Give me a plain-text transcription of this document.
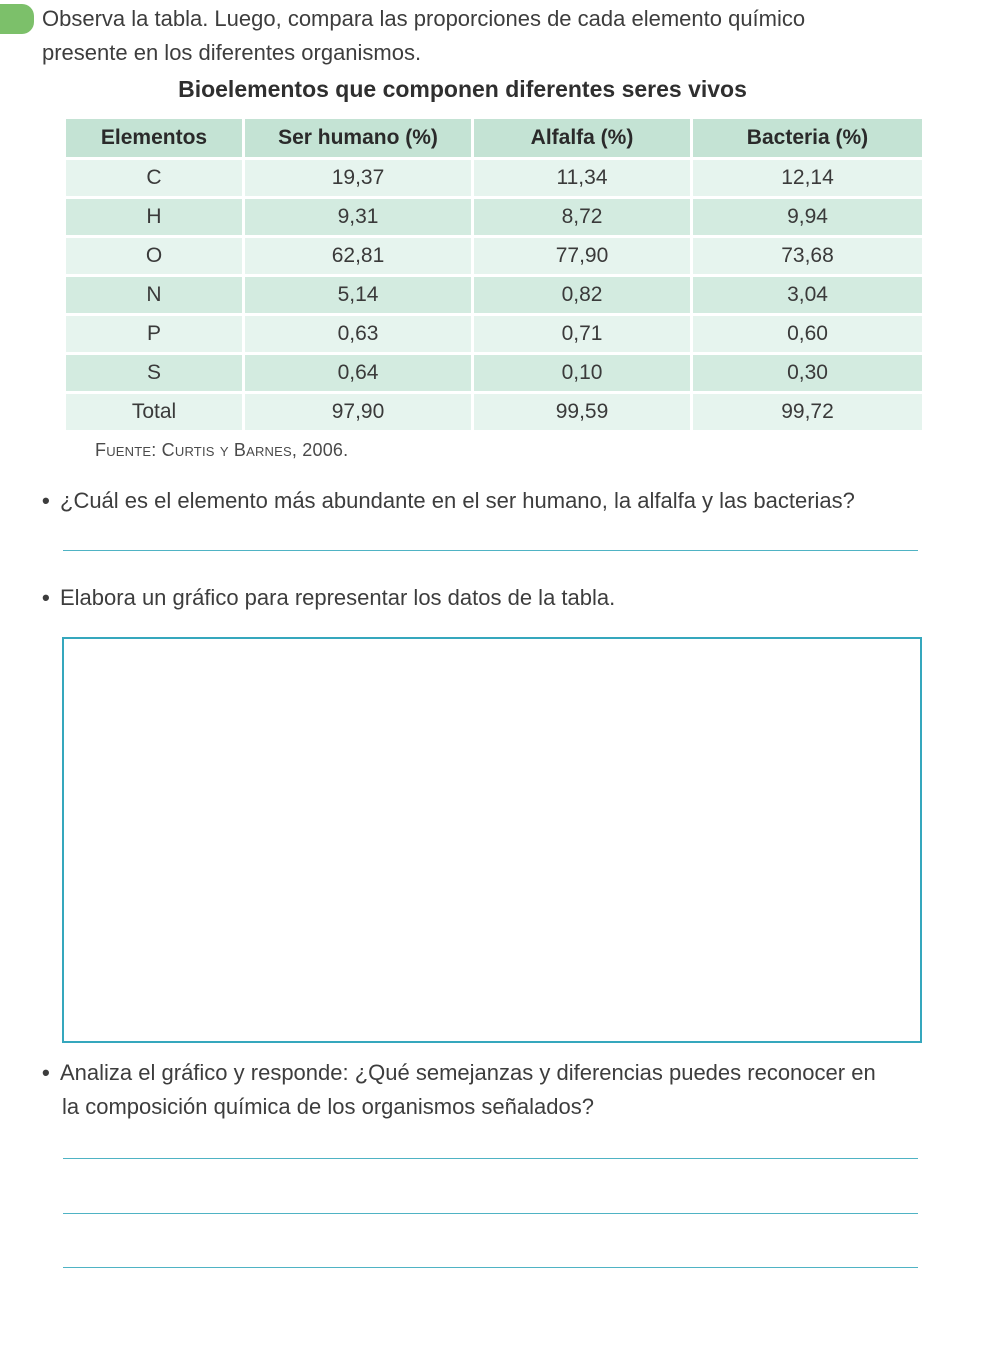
Observa la tabla. Luego, compara las proporciones de cada elemento químico
presente en los diferentes organismos.
Bioelementos que componen diferentes seres vivos
Elementos	Ser humano (%)	Alfalfa (%)	Bacteria (%)
C	19,37	11,34	12,14
H	9,31	8,72	9,94
O	62,81	77,90	73,68
N	5,14	0,82	3,04
P	0,63	0,71	0,60
S	0,64	0,10	0,30
Total	97,90	99,59	99,72
Fuente: Curtis y Barnes, 2006.
• ¿Cuál es el elemento más abundante en el ser humano, la alfalfa y las bacterias?
• Elabora un gráfico para representar los datos de la tabla.
• Analiza el gráfico y responde: ¿Qué semejanzas y diferencias puedes reconocer en
la composición química de los organismos señalados?
